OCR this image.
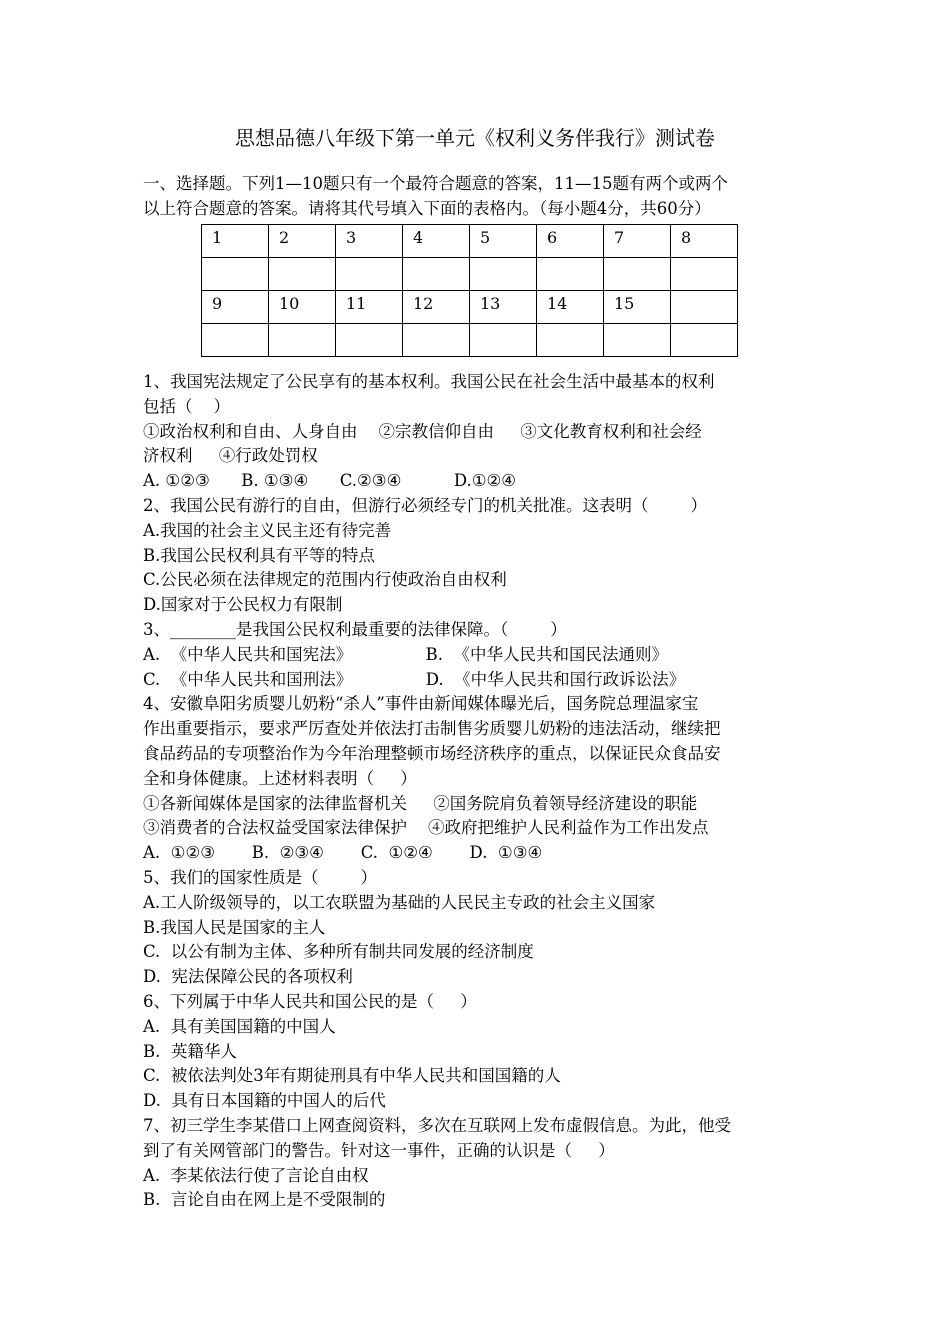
思想品德八年级下第一单元《权利义务伴我行》测试卷
一、选择题。下列1—10题只有一个最符合题意的答案，11—15题有两个或两个
以上符合题意的答案。请将其代号填入下面的表格内。（每小题4分，共60分）
1	2	3	4	5	6	7	8

9	10	11	12	13	14	15	

1、我国宪法规定了公民享有的基本权利。我国公民在社会生活中最基本的权利

包括（    ）

①政治权利和自由、人身自由    ②宗教信仰自由     ③文化教育权利和社会经

济权利     ④行政处罚权

A. ①②③      B. ①③④      C.②③④          D.①②④

2、我国公民有游行的自由，但游行必须经专门的机关批准。这表明（        ）

A.我国的社会主义民主还有待完善

B.我国公民权利具有平等的特点

C.公民必须在法律规定的范围内行使政治自由权利

D.国家对于公民权力有限制

3、________是我国公民权利最重要的法律保障。（        ）

A.  《中华人民共和国宪法》              B.  《中华人民共和国民法通则》

C.  《中华人民共和国刑法》              D.  《中华人民共和国行政诉讼法》

4、安徽阜阳劣质婴儿奶粉“杀人”事件由新闻媒体曝光后，国务院总理温家宝

作出重要指示，要求严厉查处并依法打击制售劣质婴儿奶粉的违法活动，继续把

食品药品的专项整治作为今年治理整顿市场经济秩序的重点，以保证民众食品安

全和身体健康。上述材料表明（     ）

①各新闻媒体是国家的法律监督机关     ②国务院肩负着领导经济建设的职能

③消费者的合法权益受国家法律保护    ④政府把维护人民利益作为工作出发点

A.  ①②③       B.  ②③④       C.  ①②④       D.  ①③④

5、我们的国家性质是（        ）

A.工人阶级领导的，以工农联盟为基础的人民民主专政的社会主义国家

B.我国人民是国家的主人

C.  以公有制为主体、多种所有制共同发展的经济制度

D.  宪法保障公民的各项权利

6、下列属于中华人民共和国公民的是（     ）

A.  具有美国国籍的中国人

B.  英籍华人

C.  被依法判处3年有期徒刑具有中华人民共和国国籍的人

D.  具有日本国籍的中国人的后代

7、初三学生李某借口上网查阅资料，多次在互联网上发布虚假信息。为此，他受

到了有关网管部门的警告。针对这一事件，正确的认识是（     ）

A.  李某依法行使了言论自由权

B.  言论自由在网上是不受限制的
